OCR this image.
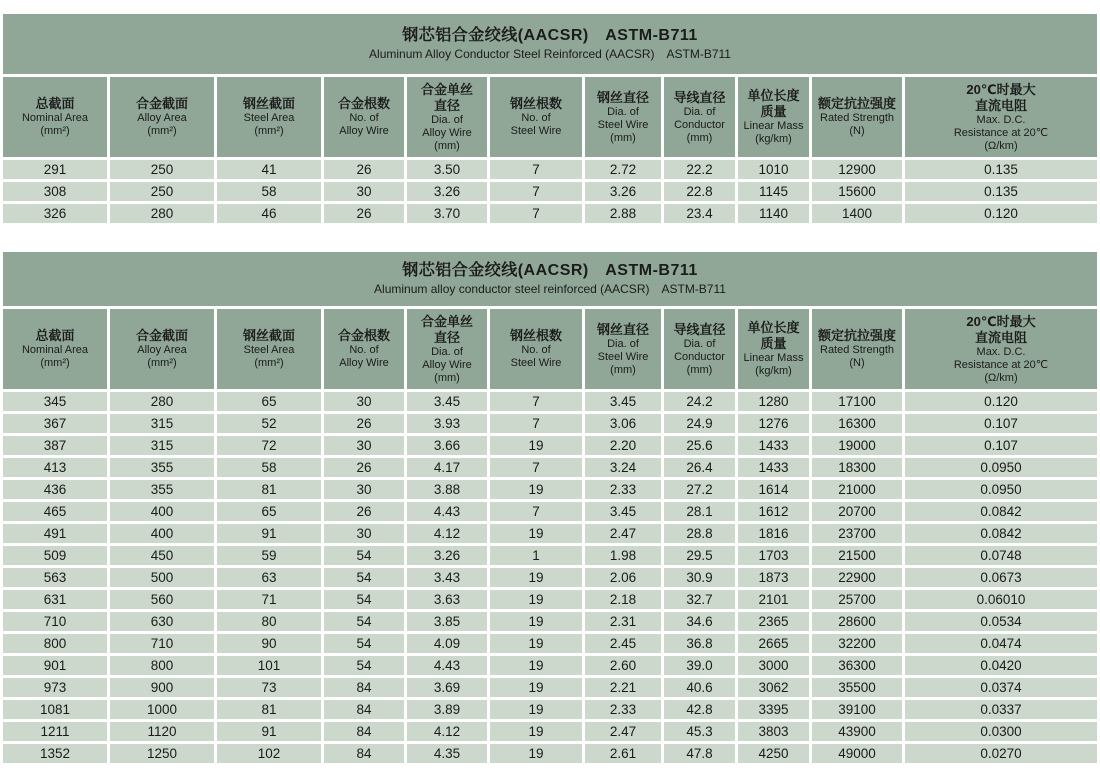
钢芯铝合金绞线(AACSR) ASTM-B711
Aluminum Alloy Conductor Steel Reinforced (AACSR) ASTM-B711
总截面
Nominal Area
(mm²)

合金截面
Alloy Area
(mm²)

钢丝截面
Steel Area
(mm²)

合金根数
No. of
Alloy Wire

合金单丝
直径
Dia. of
Alloy Wire
(mm)

钢丝根数
No. of
Steel Wire

钢丝直径
Dia. of
Steel Wire
(mm)

导线直径
Dia. of
Conductor
(mm)

单位长度
质量
Linear Mass
(kg/km)

额定抗拉强度
Rated Strength
(N)

20℃时最大
直流电阻
Max. D.C.
Resistance at 20℃
(Ω/km)

291	250	41	26	3.50	7	2.72	22.2	1010	12900	0.135
308	250	58	30	3.26	7	3.26	22.8	1145	15600	0.135
326	280	46	26	3.70	7	2.88	23.4	1140	1400	0.120
钢芯铝合金绞线(AACSR) ASTM-B711
Aluminum alloy conductor steel reinforced (AACSR) ASTM-B711
总截面
Nominal Area
(mm²)

合金截面
Alloy Area
(mm²)

钢丝截面
Steel Area
(mm²)

合金根数
No. of
Alloy Wire

合金单丝
直径
Dia. of
Alloy Wire
(mm)

钢丝根数
No. of
Steel Wire

钢丝直径
Dia. of
Steel Wire
(mm)

导线直径
Dia. of
Conductor
(mm)

单位长度
质量
Linear Mass
(kg/km)

额定抗拉强度
Rated Strength
(N)

20℃时最大
直流电阻
Max. D.C.
Resistance at 20℃
(Ω/km)

345	280	65	30	3.45	7	3.45	24.2	1280	17100	0.120
367	315	52	26	3.93	7	3.06	24.9	1276	16300	0.107
387	315	72	30	3.66	19	2.20	25.6	1433	19000	0.107
413	355	58	26	4.17	7	3.24	26.4	1433	18300	0.0950
436	355	81	30	3.88	19	2.33	27.2	1614	21000	0.0950
465	400	65	26	4.43	7	3.45	28.1	1612	20700	0.0842
491	400	91	30	4.12	19	2.47	28.8	1816	23700	0.0842
509	450	59	54	3.26	1	1.98	29.5	1703	21500	0.0748
563	500	63	54	3.43	19	2.06	30.9	1873	22900	0.0673
631	560	71	54	3.63	19	2.18	32.7	2101	25700	0.06010
710	630	80	54	3.85	19	2.31	34.6	2365	28600	0.0534
800	710	90	54	4.09	19	2.45	36.8	2665	32200	0.0474
901	800	101	54	4.43	19	2.60	39.0	3000	36300	0.0420
973	900	73	84	3.69	19	2.21	40.6	3062	35500	0.0374
1081	1000	81	84	3.89	19	2.33	42.8	3395	39100	0.0337
1211	1120	91	84	4.12	19	2.47	45.3	3803	43900	0.0300
1352	1250	102	84	4.35	19	2.61	47.8	4250	49000	0.0270
